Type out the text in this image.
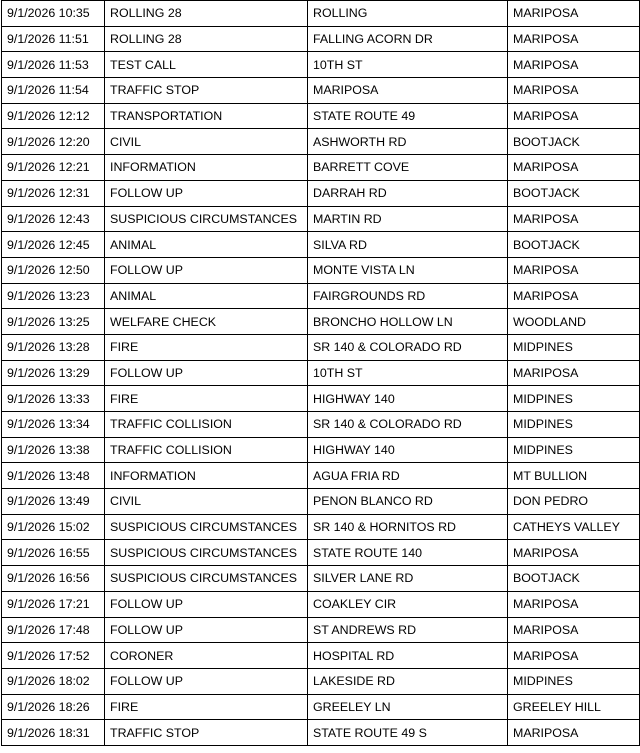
9/1/2026 10:35	ROLLING 28	ROLLING	MARIPOSA
9/1/2026 11:51	ROLLING 28	FALLING ACORN DR	MARIPOSA
9/1/2026 11:53	TEST CALL	10TH ST	MARIPOSA
9/1/2026 11:54	TRAFFIC STOP	MARIPOSA	MARIPOSA
9/1/2026 12:12	TRANSPORTATION	STATE ROUTE 49	MARIPOSA
9/1/2026 12:20	CIVIL	ASHWORTH RD	BOOTJACK
9/1/2026 12:21	INFORMATION	BARRETT COVE	MARIPOSA
9/1/2026 12:31	FOLLOW UP	DARRAH RD	BOOTJACK
9/1/2026 12:43	SUSPICIOUS CIRCUMSTANCES	MARTIN RD	MARIPOSA
9/1/2026 12:45	ANIMAL	SILVA RD	BOOTJACK
9/1/2026 12:50	FOLLOW UP	MONTE VISTA LN	MARIPOSA
9/1/2026 13:23	ANIMAL	FAIRGROUNDS RD	MARIPOSA
9/1/2026 13:25	WELFARE CHECK	BRONCHO HOLLOW LN	WOODLAND
9/1/2026 13:28	FIRE	SR 140 & COLORADO RD	MIDPINES
9/1/2026 13:29	FOLLOW UP	10TH ST	MARIPOSA
9/1/2026 13:33	FIRE	HIGHWAY 140	MIDPINES
9/1/2026 13:34	TRAFFIC COLLISION	SR 140 & COLORADO RD	MIDPINES
9/1/2026 13:38	TRAFFIC COLLISION	HIGHWAY 140	MIDPINES
9/1/2026 13:48	INFORMATION	AGUA FRIA RD	MT BULLION
9/1/2026 13:49	CIVIL	PENON BLANCO RD	DON PEDRO
9/1/2026 15:02	SUSPICIOUS CIRCUMSTANCES	SR 140 & HORNITOS RD	CATHEYS VALLEY
9/1/2026 16:55	SUSPICIOUS CIRCUMSTANCES	STATE ROUTE 140	MARIPOSA
9/1/2026 16:56	SUSPICIOUS CIRCUMSTANCES	SILVER LANE RD	BOOTJACK
9/1/2026 17:21	FOLLOW UP	COAKLEY CIR	MARIPOSA
9/1/2026 17:48	FOLLOW UP	ST ANDREWS RD	MARIPOSA
9/1/2026 17:52	CORONER	HOSPITAL RD	MARIPOSA
9/1/2026 18:02	FOLLOW UP	LAKESIDE RD	MIDPINES
9/1/2026 18:26	FIRE	GREELEY LN	GREELEY HILL
9/1/2026 18:31	TRAFFIC STOP	STATE ROUTE 49 S	MARIPOSA
